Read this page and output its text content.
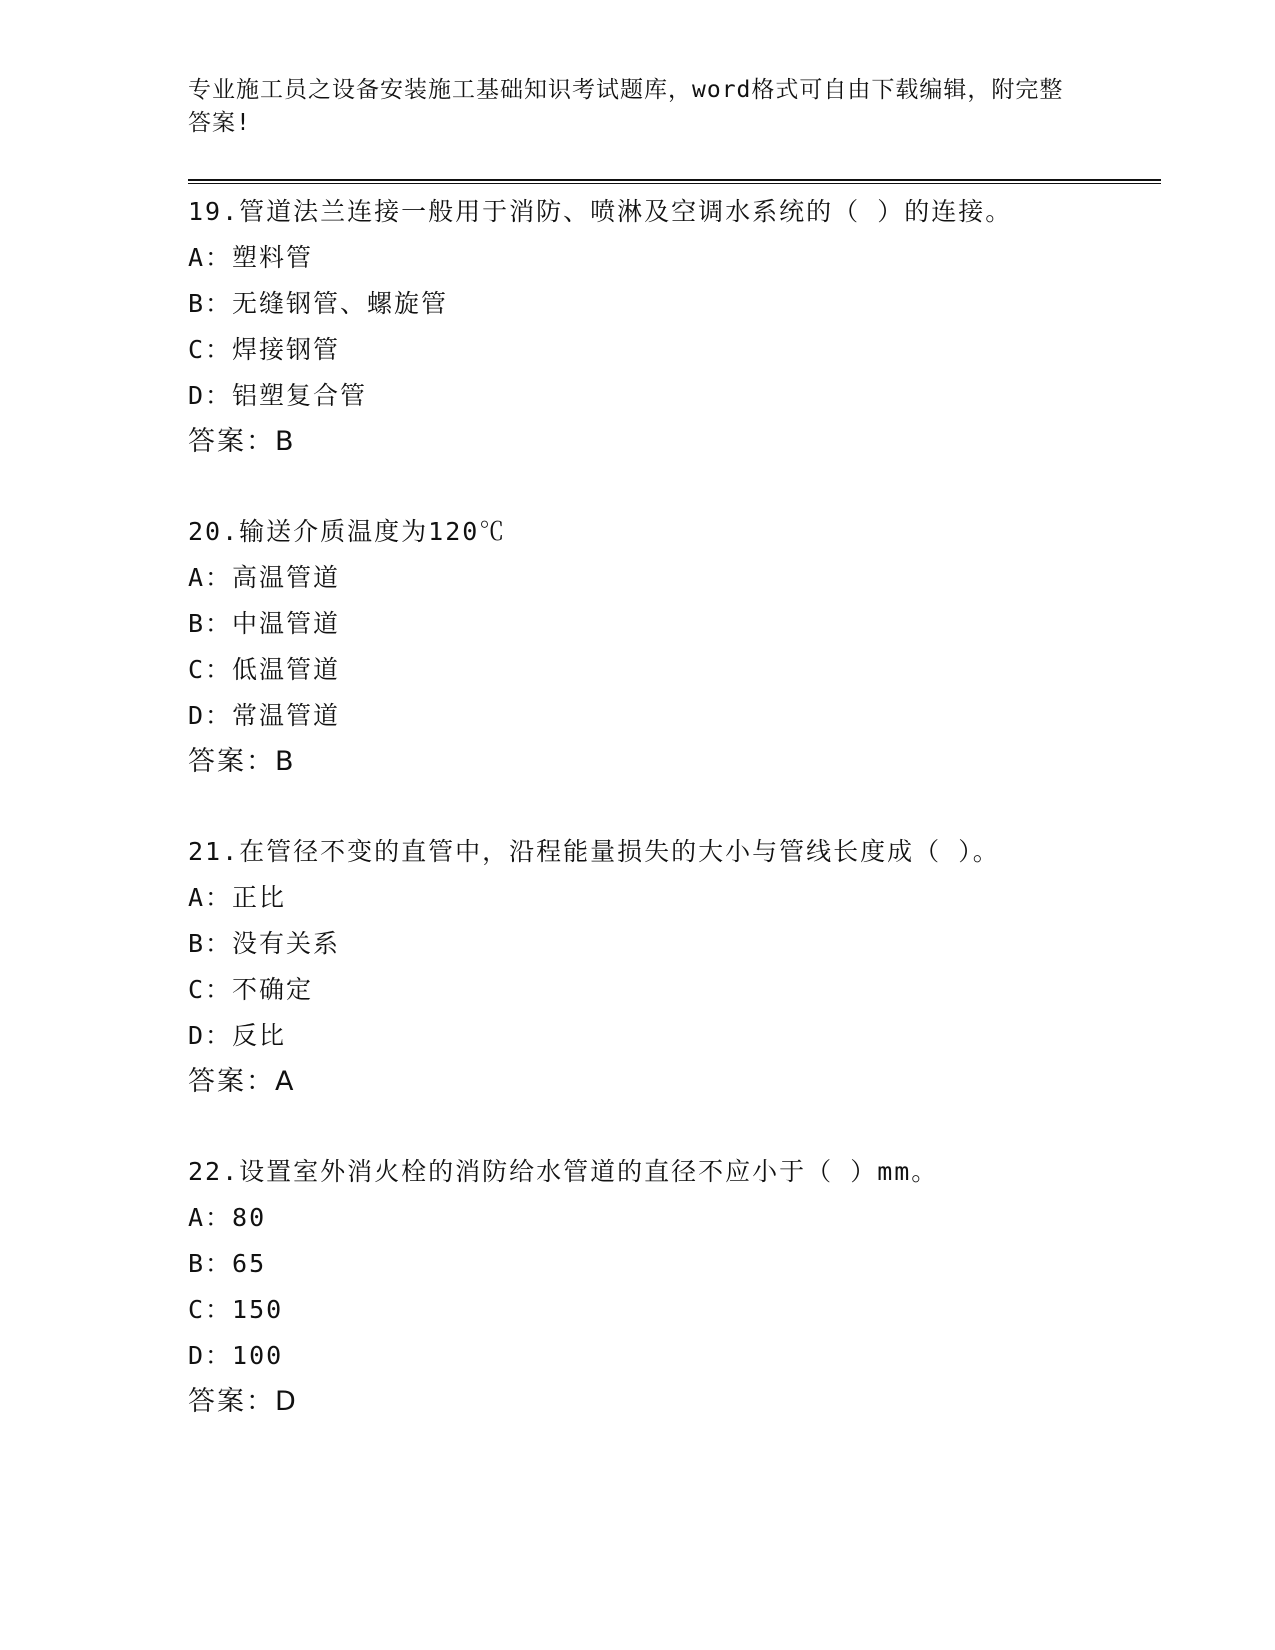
专业施工员之设备安装施工基础知识考试题库，word格式可自由下载编辑，附完整答案!
19.管道法兰连接一般用于消防、喷淋及空调水系统的（ ）的连接。
A：塑料管
B：无缝钢管、螺旋管
C：焊接钢管
D：铝塑复合管
答案：B
20.输送介质温度为120℃
A：高温管道
B：中温管道
C：低温管道
D：常温管道
答案：B
21.在管径不变的直管中，沿程能量损失的大小与管线长度成（ ）。
A：正比
B：没有关系
C：不确定
D：反比
答案：A
22.设置室外消火栓的消防给水管道的直径不应小于（ ）mm。
A：80
B：65
C：150
D：100
答案：D
